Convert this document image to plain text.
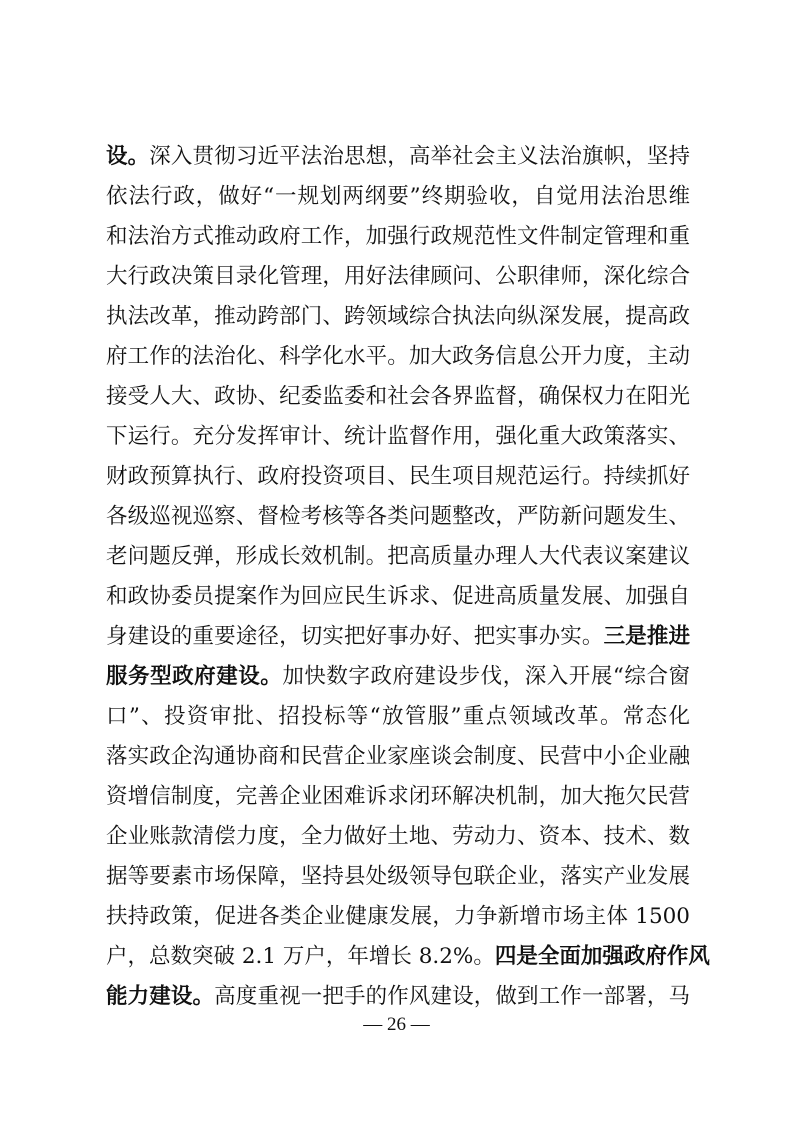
设。深入贯彻习近平法治思想，高举社会主义法治旗帜，坚持
依法行政，做好“一规划两纲要”终期验收，自觉用法治思维
和法治方式推动政府工作，加强行政规范性文件制定管理和重
大行政决策目录化管理，用好法律顾问、公职律师，深化综合
执法改革，推动跨部门、跨领域综合执法向纵深发展，提高政
府工作的法治化、科学化水平。加大政务信息公开力度，主动
接受人大、政协、纪委监委和社会各界监督，确保权力在阳光
下运行。充分发挥审计、统计监督作用，强化重大政策落实、
财政预算执行、政府投资项目、民生项目规范运行。持续抓好
各级巡视巡察、督检考核等各类问题整改，严防新问题发生、
老问题反弹，形成长效机制。把高质量办理人大代表议案建议
和政协委员提案作为回应民生诉求、促进高质量发展、加强自
身建设的重要途径，切实把好事办好、把实事办实。三是推进
服务型政府建设。加快数字政府建设步伐，深入开展“综合窗
口”、投资审批、招投标等“放管服”重点领域改革。常态化
落实政企沟通协商和民营企业家座谈会制度、民营中小企业融
资增信制度，完善企业困难诉求闭环解决机制，加大拖欠民营
企业账款清偿力度，全力做好土地、劳动力、资本、技术、数
据等要素市场保障，坚持县处级领导包联企业，落实产业发展
扶持政策，促进各类企业健康发展，力争新增市场主体 1500
户，总数突破 2.1 万户，年增长 8.2%。四是全面加强政府作风
能力建设。高度重视一把手的作风建设，做到工作一部署，马
— 26 —
